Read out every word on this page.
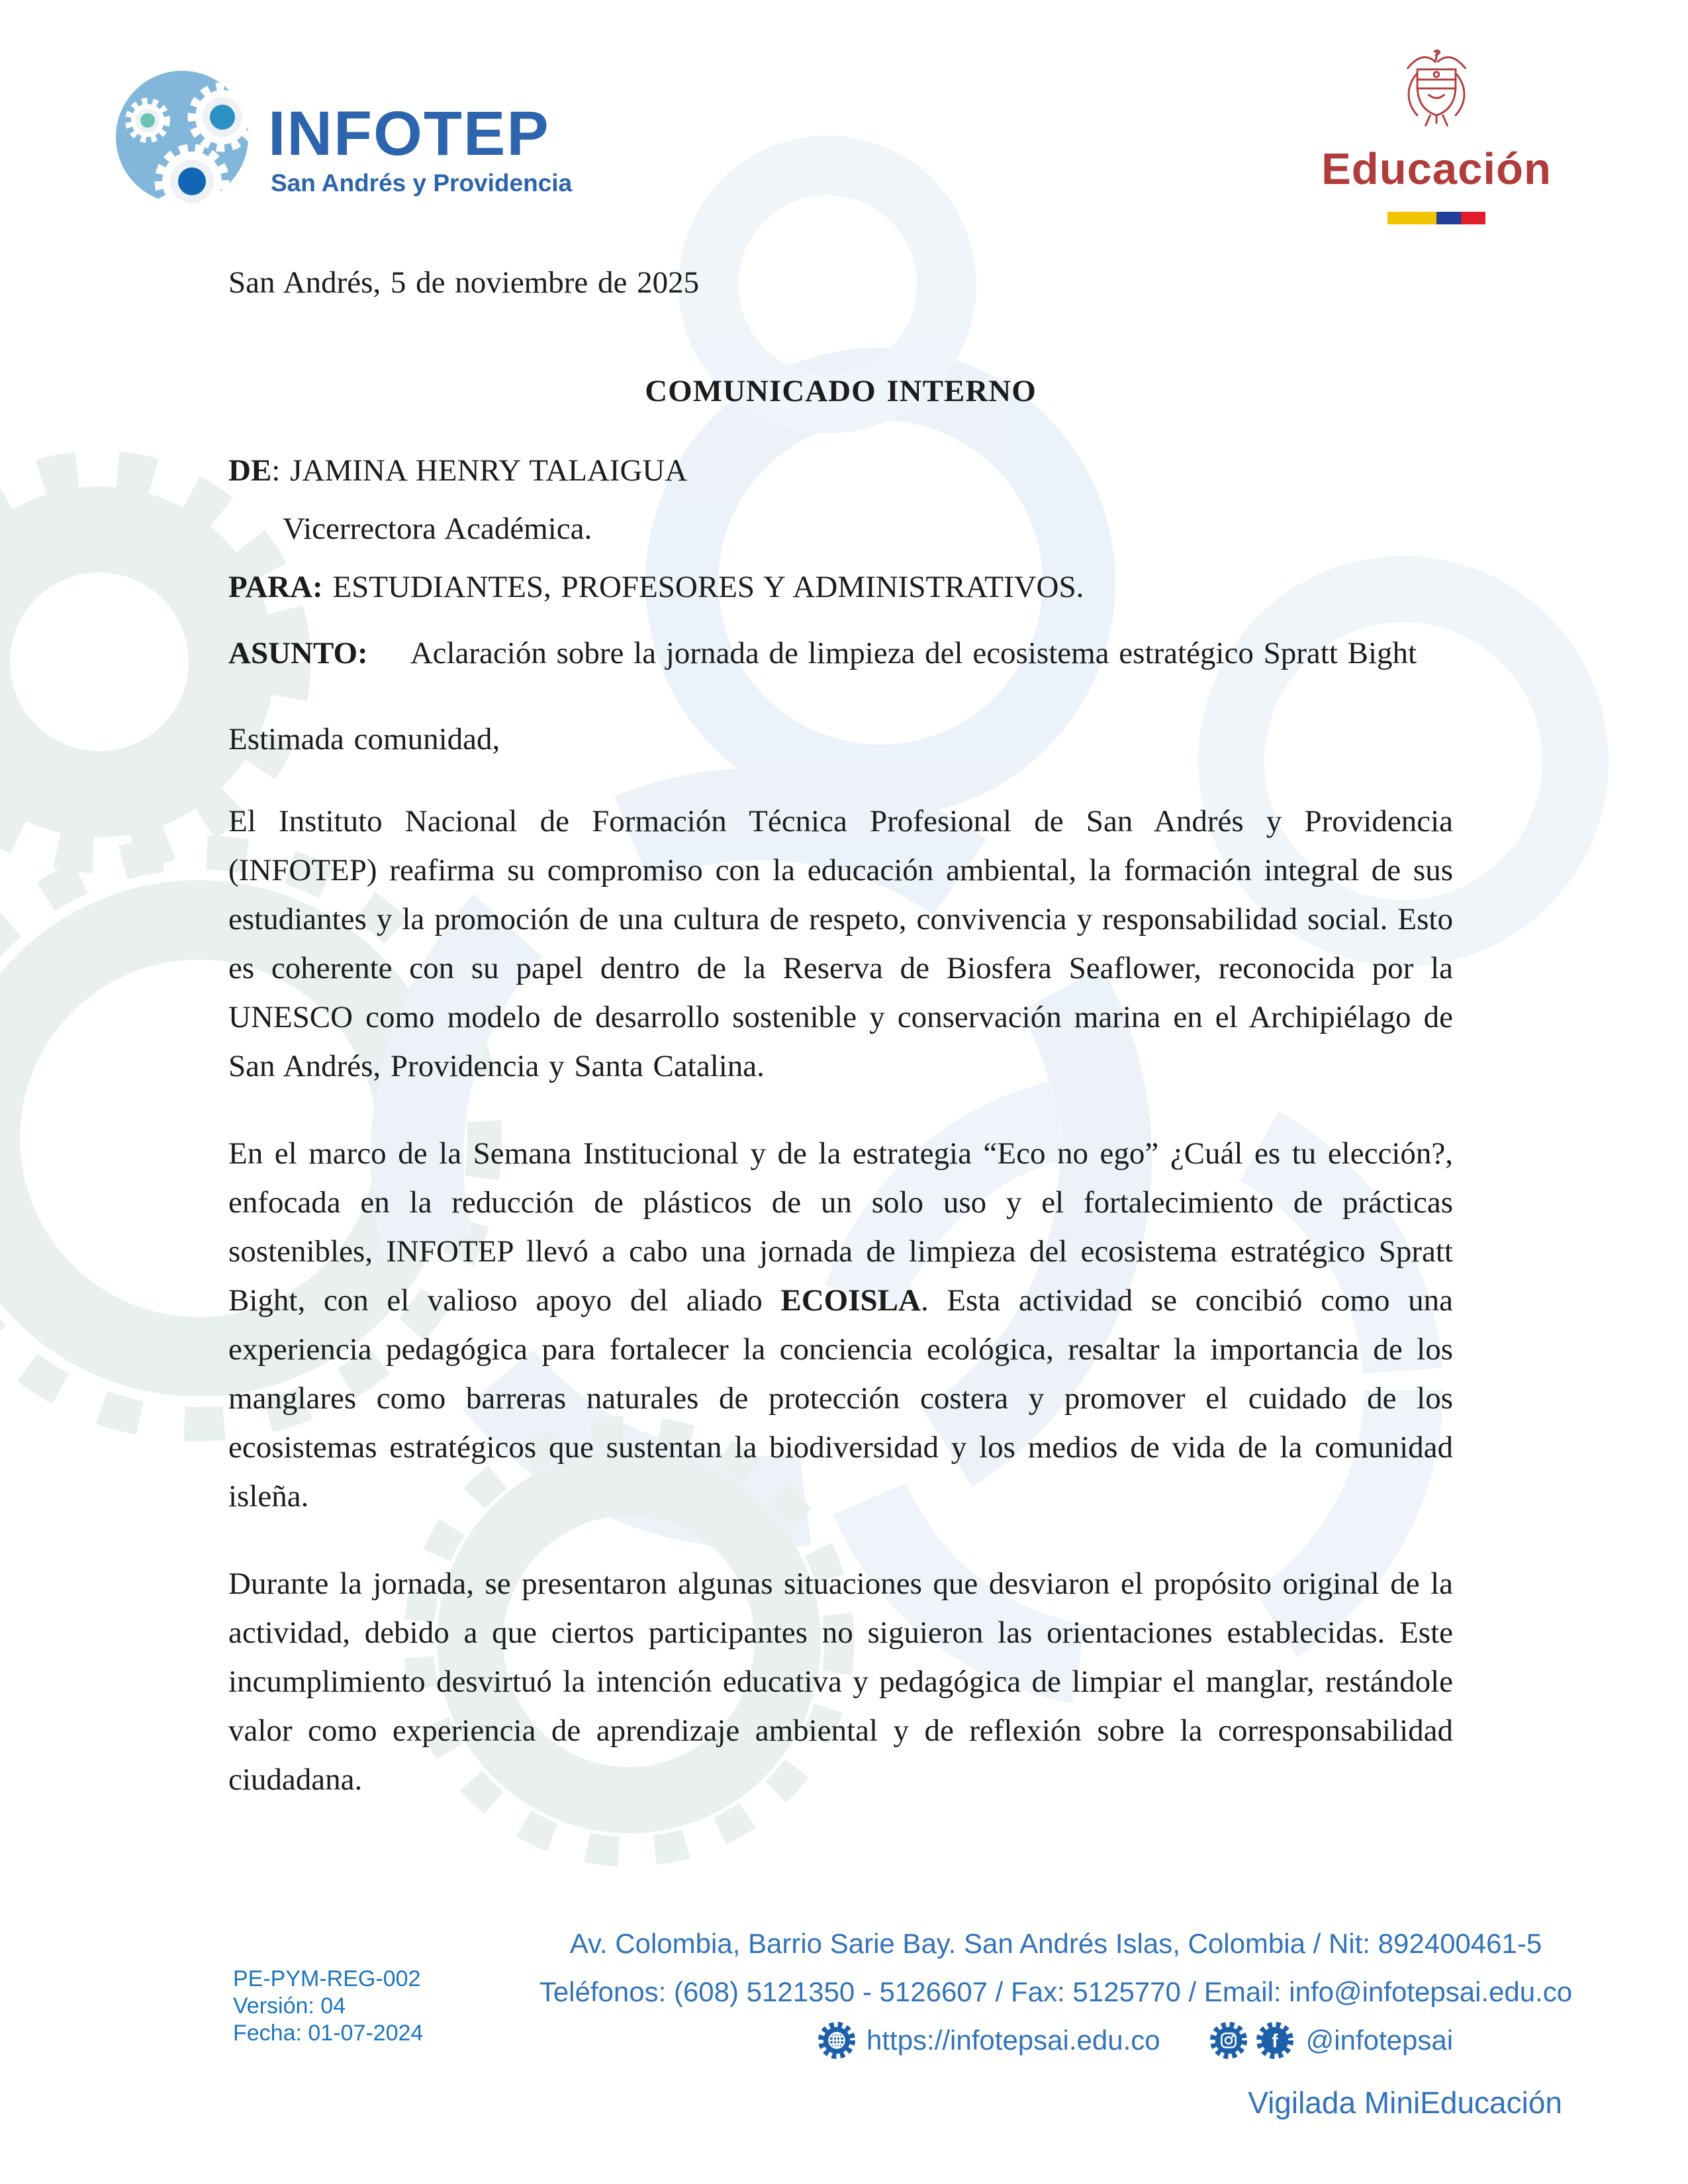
INFOTEP
San Andrés y Providencia	Educación

San Andrés, 5 de noviembre de 2025

COMUNICADO INTERNO

DE: JAMINA HENRY TALAIGUA

Vicerrectora Académica.

PARA: ESTUDIANTES, PROFESORES Y ADMINISTRATIVOS.

ASUNTO: Aclaración sobre la jornada de limpieza del ecosistema estratégico Spratt Bight

Estimada comunidad,

El Instituto Nacional de Formación Técnica Profesional de San Andrés y Providencia (INFOTEP) reafirma su compromiso con la educación ambiental, la formación integral de sus estudiantes y la promoción de una cultura de respeto, convivencia y responsabilidad social. Esto es coherente con su papel dentro de la Reserva de Biosfera Seaflower, reconocida por la UNESCO como modelo de desarrollo sostenible y conservación marina en el Archipiélago de San Andrés, Providencia y Santa Catalina.

En el marco de la Semana Institucional y de la estrategia “Eco no ego” ¿Cuál es tu elección?, enfocada en la reducción de plásticos de un solo uso y el fortalecimiento de prácticas sostenibles, INFOTEP llevó a cabo una jornada de limpieza del ecosistema estratégico Spratt Bight, con el valioso apoyo del aliado ECOISLA. Esta actividad se concibió como una experiencia pedagógica para fortalecer la conciencia ecológica, resaltar la importancia de los manglares como barreras naturales de protección costera y promover el cuidado de los ecosistemas estratégicos que sustentan la biodiversidad y los medios de vida de la comunidad isleña.

Durante la jornada, se presentaron algunas situaciones que desviaron el propósito original de la actividad, debido a que ciertos participantes no siguieron las orientaciones establecidas. Este incumplimiento desvirtuó la intención educativa y pedagógica de limpiar el manglar, restándole valor como experiencia de aprendizaje ambiental y de reflexión sobre la corresponsabilidad ciudadana.

PE-PYM-REG-002
Versión: 04
Fecha: 01-07-2024
Av. Colombia, Barrio Sarie Bay. San Andrés Islas, Colombia / Nit: 892400461-5
Teléfonos: (608) 5121350 - 5126607 / Fax: 5125770 / Email: info@infotepsai.edu.co
https://infotepsai.edu.co	f @infotepsai
Vigilada MiniEducación
